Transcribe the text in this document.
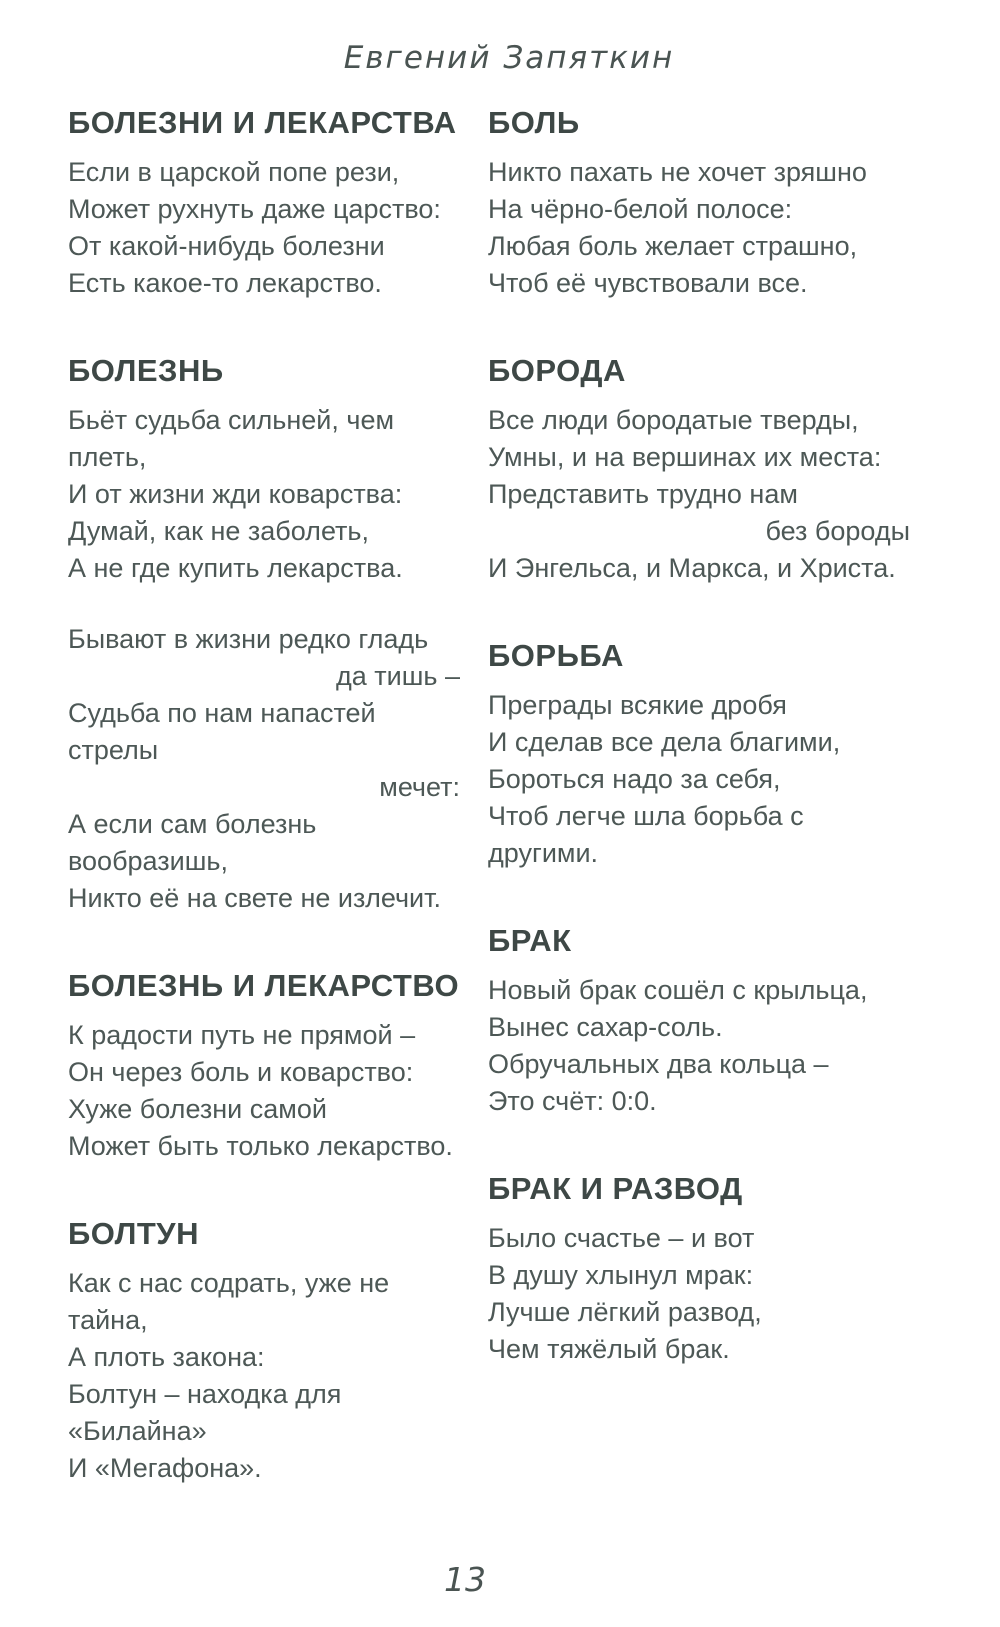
Евгений Запяткин
БОЛЕЗНИ И ЛЕКАРСТВА

Если в царской попе рези,

Может рухнуть даже царство:

От какой-нибудь болезни

Есть какое-то лекарство.

БОЛЕЗНЬ

Бьёт судьба сильней, чем плеть,

И от жизни жди коварства:

Думай, как не заболеть,

А не где купить лекарства.

Бывают в жизни редко гладь

да тишь –

Судьба по нам напастей стрелы

мечет:

А если сам болезнь вообразишь,

Никто её на свете не излечит.

БОЛЕЗНЬ И ЛЕКАРСТВО

К радости путь не прямой –

Он через боль и коварство:

Хуже болезни самой

Может быть только лекарство.

БОЛТУН

Как с нас содрать, уже не тайна,

А плоть закона:

Болтун – находка для «Билайна»

И «Мегафона».

БОЛЬ

Никто пахать не хочет зряшно

На чёрно-белой полосе:

Любая боль желает страшно,

Чтоб её чувствовали все.

БОРОДА

Все люди бородатые тверды,

Умны, и на вершинах их места:

Представить трудно нам

без бороды

И Энгельса, и Маркса, и Христа.

БОРЬБА

Преграды всякие дробя

И сделав все дела благими,

Бороться надо за себя,

Чтоб легче шла борьба с другими.

БРАК

Новый брак сошёл с крыльца,

Вынес сахар-соль.

Обручальных два кольца –

Это счёт: 0:0.

БРАК И РАЗВОД

Было счастье – и вот

В душу хлынул мрак:

Лучше лёгкий развод,

Чем тяжёлый брак.

13
